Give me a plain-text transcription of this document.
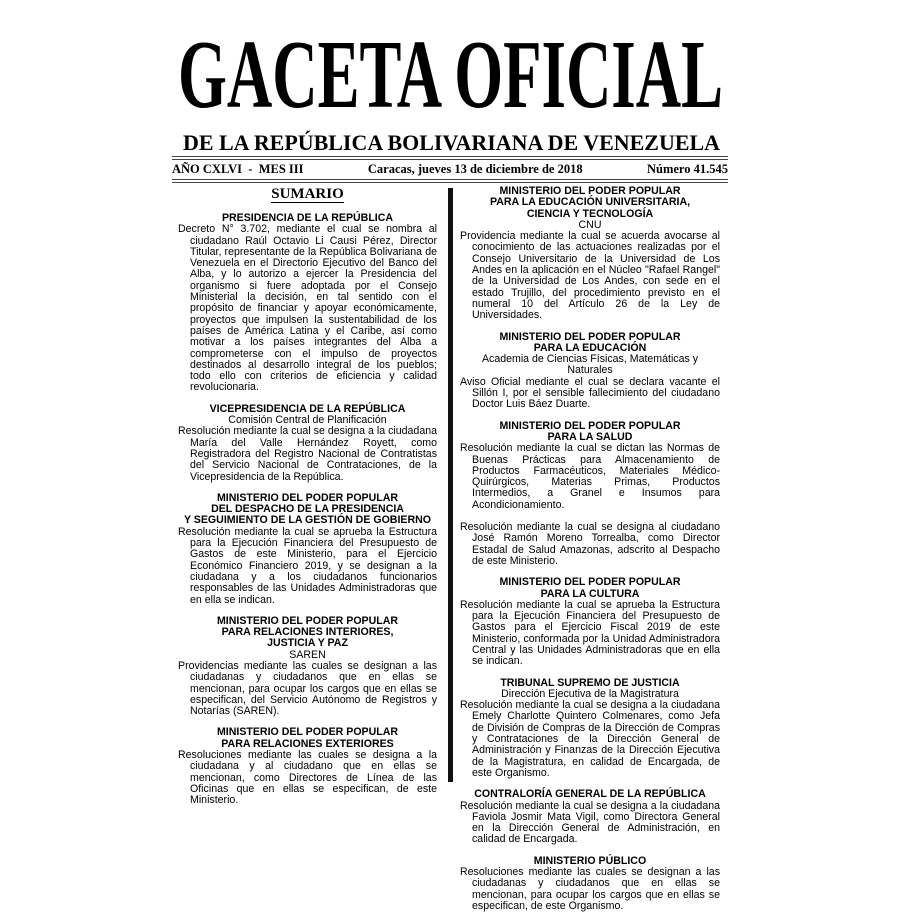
GACETA OFICIAL
DE LA REPÚBLICA BOLIVARIANA DE VENEZUELA
AÑO CXLVI  -  MES III	Caracas, jueves 13 de diciembre de 2018	Número 41.545
SUMARIO
PRESIDENCIA DE LA REPÚBLICA
Decreto N° 3.702, mediante el cual se nombra al ciudadano Raúl Octavio Li Causi Pérez, Director Titular, representante de la República Bolivariana de Venezuela en el Directorio Ejecutivo del Banco del Alba, y lo autorizo a ejercer la Presidencia del organismo si fuere adoptada por el Consejo Ministerial la decisión, en tal sentido con el propósito de financiar y apoyar económicamente, proyectos que impulsen la sustentabilidad de los países de América Latina y el Caribe, así como motivar a los países integrantes del Alba a comprometerse con el impulso de proyectos destinados al desarrollo integral de los pueblos; todo ello con criterios de eficiencia y calidad revolucionaria.
VICEPRESIDENCIA DE LA REPÚBLICA
Comisión Central de Planificación
Resolución mediante la cual se designa a la ciudadana María del Valle Hernández Royett, como Registradora del Registro Nacional de Contratistas del Servicio Nacional de Contrataciones, de la Vicepresidencia de la República.
MINISTERIO DEL PODER POPULAR
DEL DESPACHO DE LA PRESIDENCIA
Y SEGUIMIENTO DE LA GESTIÓN DE GOBIERNO
Resolución mediante la cual se aprueba la Estructura para la Ejecución Financiera del Presupuesto de Gastos de este Ministerio, para el Ejercicio Económico Financiero 2019, y se designan a la ciudadana y a los ciudadanos funcionarios responsables de las Unidades Administradoras que en ella se indican.
MINISTERIO DEL PODER POPULAR
PARA RELACIONES INTERIORES,
JUSTICIA Y PAZ
SAREN
Providencias mediante las cuales se designan a las ciudadanas y ciudadanos que en ellas se mencionan, para ocupar los cargos que en ellas se especifican, del Servicio Autónomo de Registros y Notarías (SAREN).
MINISTERIO DEL PODER POPULAR
PARA RELACIONES EXTERIORES
Resoluciones mediante las cuales se designa a la ciudadana y al ciudadano que en ellas se mencionan, como Directores de Línea de las Oficinas que en ellas se especifican, de este Ministerio.
MINISTERIO DEL PODER POPULAR
PARA LA EDUCACIÓN UNIVERSITARIA,
CIENCIA Y TECNOLOGÍA
CNU
Providencia mediante la cual se acuerda avocarse al conocimiento de las actuaciones realizadas por el Consejo Universitario de la Universidad de Los Andes en la aplicación en el Núcleo "Rafael Rangel" de la Universidad de Los Andes, con sede en el estado Trujillo, del procedimiento previsto en el numeral 10 del Artículo 26 de la Ley de Universidades.
MINISTERIO DEL PODER POPULAR
PARA LA EDUCACIÓN
Academia de Ciencias Físicas, Matemáticas y Naturales
Aviso Oficial mediante el cual se declara vacante el Sillón I, por el sensible fallecimiento del ciudadano Doctor Luis Báez Duarte.
MINISTERIO DEL PODER POPULAR
PARA LA SALUD
Resolución mediante la cual se dictan las Normas de Buenas Prácticas para Almacenamiento de Productos Farmacéuticos, Materiales Médico-Quirúrgicos, Materias Primas, Productos Intermedios, a Granel e Insumos para Acondicionamiento.
Resolución mediante la cual se designa al ciudadano José Ramón Moreno Torrealba, como Director Estadal de Salud Amazonas, adscrito al Despacho de este Ministerio.
MINISTERIO DEL PODER POPULAR
PARA LA CULTURA
Resolución mediante la cual se aprueba la Estructura para la Ejecución Financiera del Presupuesto de Gastos para el Ejercicio Fiscal 2019 de este Ministerio, conformada por la Unidad Administradora Central y las Unidades Administradoras que en ella se indican.
TRIBUNAL SUPREMO DE JUSTICIA
Dirección Ejecutiva de la Magistratura
Resolución mediante la cual se designa a la ciudadana Emely Charlotte Quintero Colmenares, como Jefa de División de Compras de la Dirección de Compras y Contrataciones de la Dirección General de Administración y Finanzas de la Dirección Ejecutiva de la Magistratura, en calidad de Encargada, de este Organismo.
CONTRALORÍA GENERAL DE LA REPÚBLICA
Resolución mediante la cual se designa a la ciudadana Faviola Josmir Mata Vigil, como Directora General en la Dirección General de Administración, en calidad de Encargada.
MINISTERIO PÚBLICO
Resoluciones mediante las cuales se designan a las ciudadanas y ciudadanos que en ellas se mencionan, para ocupar los cargos que en ellas se especifican, de este Organismo.
